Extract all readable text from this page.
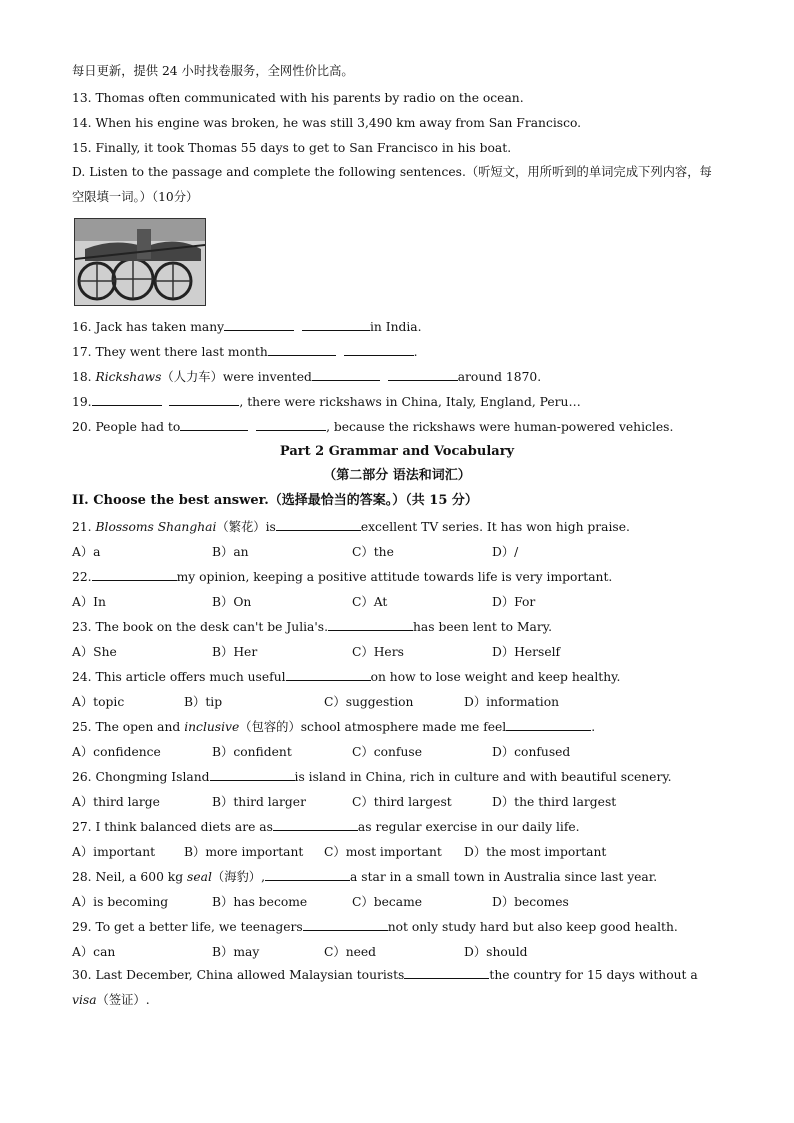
每日更新，提供 24 小时找卷服务，全网性价比高。
13. Thomas often communicated with his parents by radio on the ocean.
14. When his engine was broken, he was still 3,490 km away from San Francisco.
15. Finally, it took Thomas 55 days to get to San Francisco in his boat.
D. Listen to the passage and complete the following sentences.（听短文，用所听到的单词完成下列内容，每空限填一词。）（10分）
16. Jack has taken many	in India.
17. They went there last month	.
18. Rickshaws（人力车）were invented	around 1870.
19.	, there were rickshaws in China, Italy, England, Peru…
20. People had to	, because the rickshaws were human-powered vehicles.
Part 2 Grammar and Vocabulary
（第二部分 语法和词汇）
II. Choose the best answer.（选择最恰当的答案。）（共 15 分）
21. Blossoms Shanghai（繁花）is	excellent TV series. It has won high praise.
A）a	B）an	C）the	D）/
22.	my opinion, keeping a positive attitude towards life is very important.
A）In	B）On	C）At	D）For
23. The book on the desk can't be Julia's.	has been lent to Mary.
A）She	B）Her	C）Hers	D）Herself
24. This article offers much useful	on how to lose weight and keep healthy.
A）topic	B）tip	C）suggestion	D）information
25. The open and inclusive（包容的）school atmosphere made me feel	.
A）confidence	B）confident	C）confuse	D）confused
26. Chongming Island	is island in China, rich in culture and with beautiful scenery.
A）third large	B）third larger	C）third largest	D）the third largest
27. I think balanced diets are as	as regular exercise in our daily life.
A）important B）more important C）most important D）the most important
28. Neil, a 600 kg seal（海豹）,	a star in a small town in Australia since last year.
A）is becoming	B）has become	C）became	D）becomes
29. To get a better life, we teenagers	not only study hard but also keep good health.
A）can	B）may	C）need	D）should
30. Last December, China allowed Malaysian tourists	the country for 15 days without a visa（签证）.
